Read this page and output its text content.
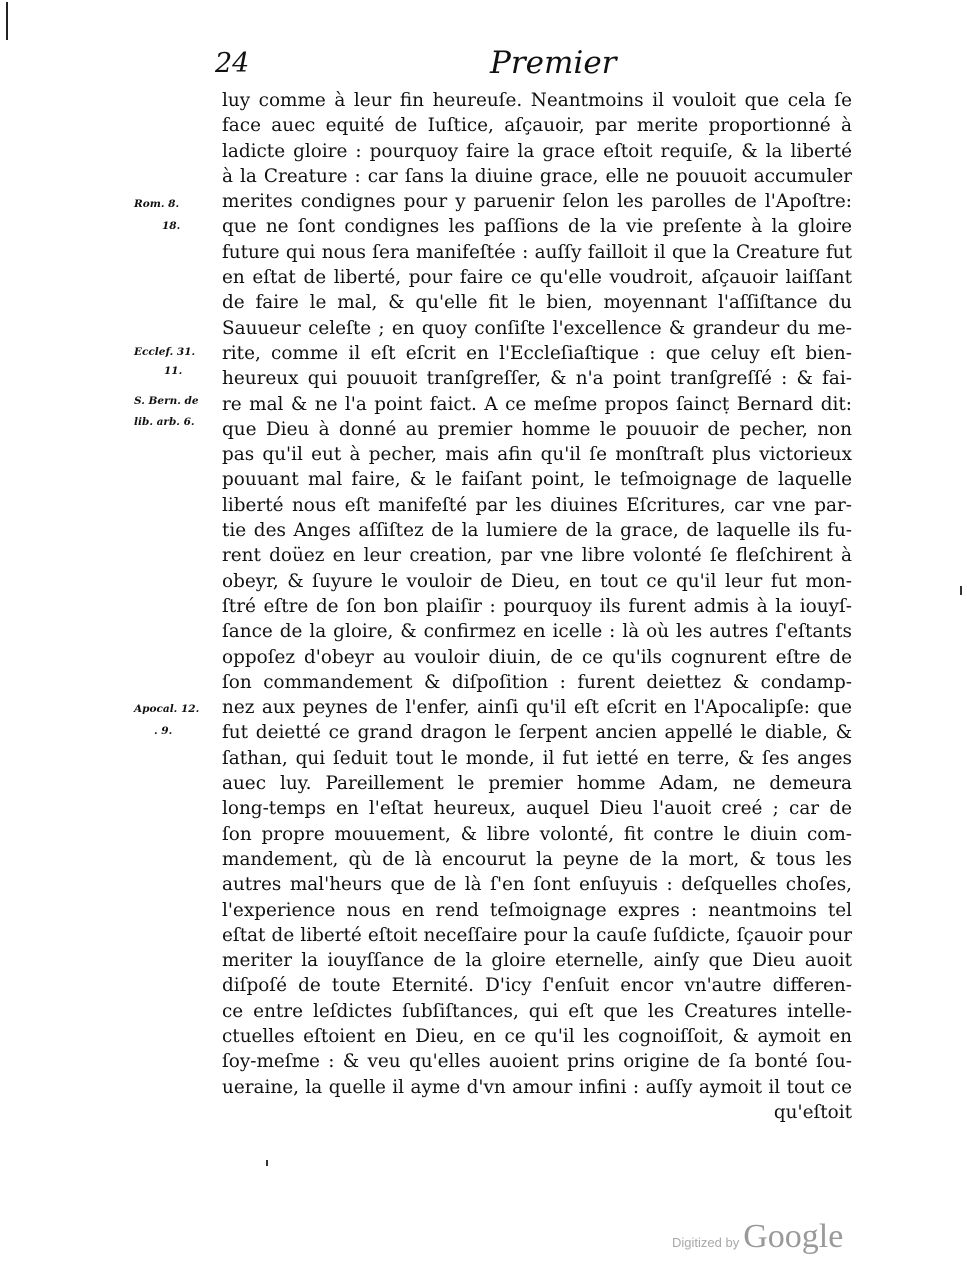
24	Premier
Rom. 8.
18.
Ecclef. 31.
11.
S. Bern. de
lib. arb. 6.
Apocal. 12.
. 9.
luy comme à leur fin heureuſe. Neantmoins il vouloit que cela ſe
face auec equité de Iuſtice, aſçauoir, par merite proportionné à
ladicte gloire : pourquoy faire la grace eſtoit requiſe, & la liberté
à la Creature : car ſans la diuine grace, elle ne pouuoit accumuler
merites condignes pour y paruenir ſelon les parolles de l'Apoſtre:
que ne ſont condignes les paſſions de la vie preſente à la gloire
future qui nous ſera manifeſtée : auſſy failloit il que la Creature fut
en eſtat de liberté, pour faire ce qu'elle voudroit, aſçauoir laiſſant
de faire le mal, & qu'elle fit le bien, moyennant l'aſſiſtance du
Sauueur celeſte ; en quoy conſiſte l'excellence & grandeur du me-
rite, comme il eſt eſcrit en l'Eccleſiaſtique : que celuy eſt bien-
heureux qui pouuoit tranſgreſſer, & n'a point tranſgreſſé : & fai-
re mal & ne l'a point faict. A ce meſme propos ſaincṭ Bernard dit:
que Dieu à donné au premier homme le pouuoir de pecher, non
pas qu'il eut à pecher, mais afin qu'il ſe monſtraſt plus victorieux
pouuant mal faire, & le faiſant point, le teſmoignage de laquelle
liberté nous eſt manifeſté par les diuines Eſcritures, car vne par-
tie des Anges aſſiſtez de la lumiere de la grace, de laquelle ils fu-
rent doüez en leur creation, par vne libre volonté ſe fleſchirent à
obeyr, & ſuyure le vouloir de Dieu, en tout ce qu'il leur fut mon-
ſtré eſtre de ſon bon plaiſir : pourquoy ils furent admis à la iouyſ-
ſance de la gloire, & confirmez en icelle : là où les autres ſ'eſtants
oppoſez d'obeyr au vouloir diuin, de ce qu'ils cognurent eſtre de
ſon commandement & diſpoſition : furent deiettez & condamp-
nez aux peynes de l'enfer, ainſi qu'il eſt eſcrit en l'Apocalipſe: que
fut deietté ce grand dragon le ſerpent ancien appellé le diable, &
ſathan, qui ſeduit tout le monde, il fut ietté en terre, & ſes anges
auec luy. Pareillement le premier homme Adam, ne demeura
long-temps en l'eſtat heureux, auquel Dieu l'auoit creé ; car de
ſon propre mouuement, & libre volonté, fit contre le diuin com-
mandement, qù de là encourut la peyne de la mort, & tous les
autres mal'heurs que de là ſ'en ſont enſuyuis : deſquelles choſes,
l'experience nous en rend teſmoignage expres : neantmoins tel
eſtat de liberté eſtoit neceſſaire pour la cauſe ſuſdicte, ſçauoir pour
meriter la iouyſſance de la gloire eternelle, ainſy que Dieu auoit
diſpoſé de toute Eternité. D'icy ſ'enſuit encor vn'autre differen-
ce entre leſdictes ſubſiſtances, qui eſt que les Creatures intelle-
ctuelles eſtoient en Dieu, en ce qu'il les cognoiſſoit, & aymoit en
ſoy-meſme : & veu qu'elles auoient prins origine de ſa bonté ſou-
ueraine, la quelle il ayme d'vn amour infini : auſſy aymoit il tout ce
qu'eſtoit
Digitized by Google
